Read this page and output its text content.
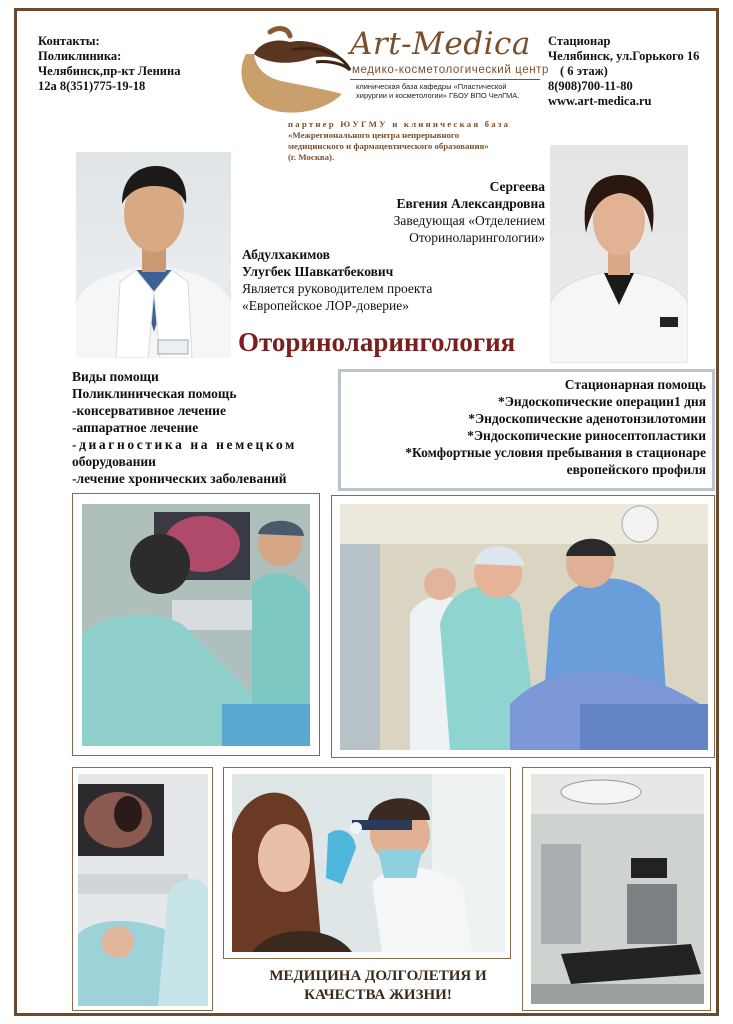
Контакты:
Поликлиника:
Челябинск,пр-кт Ленина
12а 8(351)775-19-18
Art-Medica
медико-косметологический центр
клиническая база кафедры «Пластической
хирургии и косметологии» ГБОУ ВПО ЧелГМА.
Стационар
Челябинск, ул.Горького 16
( 6 этаж)
8(908)700-11-80
www.art-medica.ru
партнер ЮУГМУ и клиническая база
«Межрегионального центра непрерывного
медицинского и фармацевтического образования»
(г. Москва).
Сергеева
Евгения Александровна
Заведующая «Отделением
Оториноларингологии»
Абдулхакимов
Улугбек Шавкатбекович
Является руководителем проекта
«Европейское ЛОР-доверие»
Оториноларингология
Виды помощи
Поликлиническая помощь
-консервативное лечение
-аппаратное лечение
-диагностика на немецком
оборудовании
-лечение хронических заболеваний
Стационарная помощь
*Эндоскопические операции1 дня
*Эндоскопические аденотонзилотомии
*Эндоскопические риносептопластики
*Комфортные условия пребывания в стационаре
европейского профиля
МЕДИЦИНА ДОЛГОЛЕТИЯ И
КАЧЕСТВА ЖИЗНИ!
